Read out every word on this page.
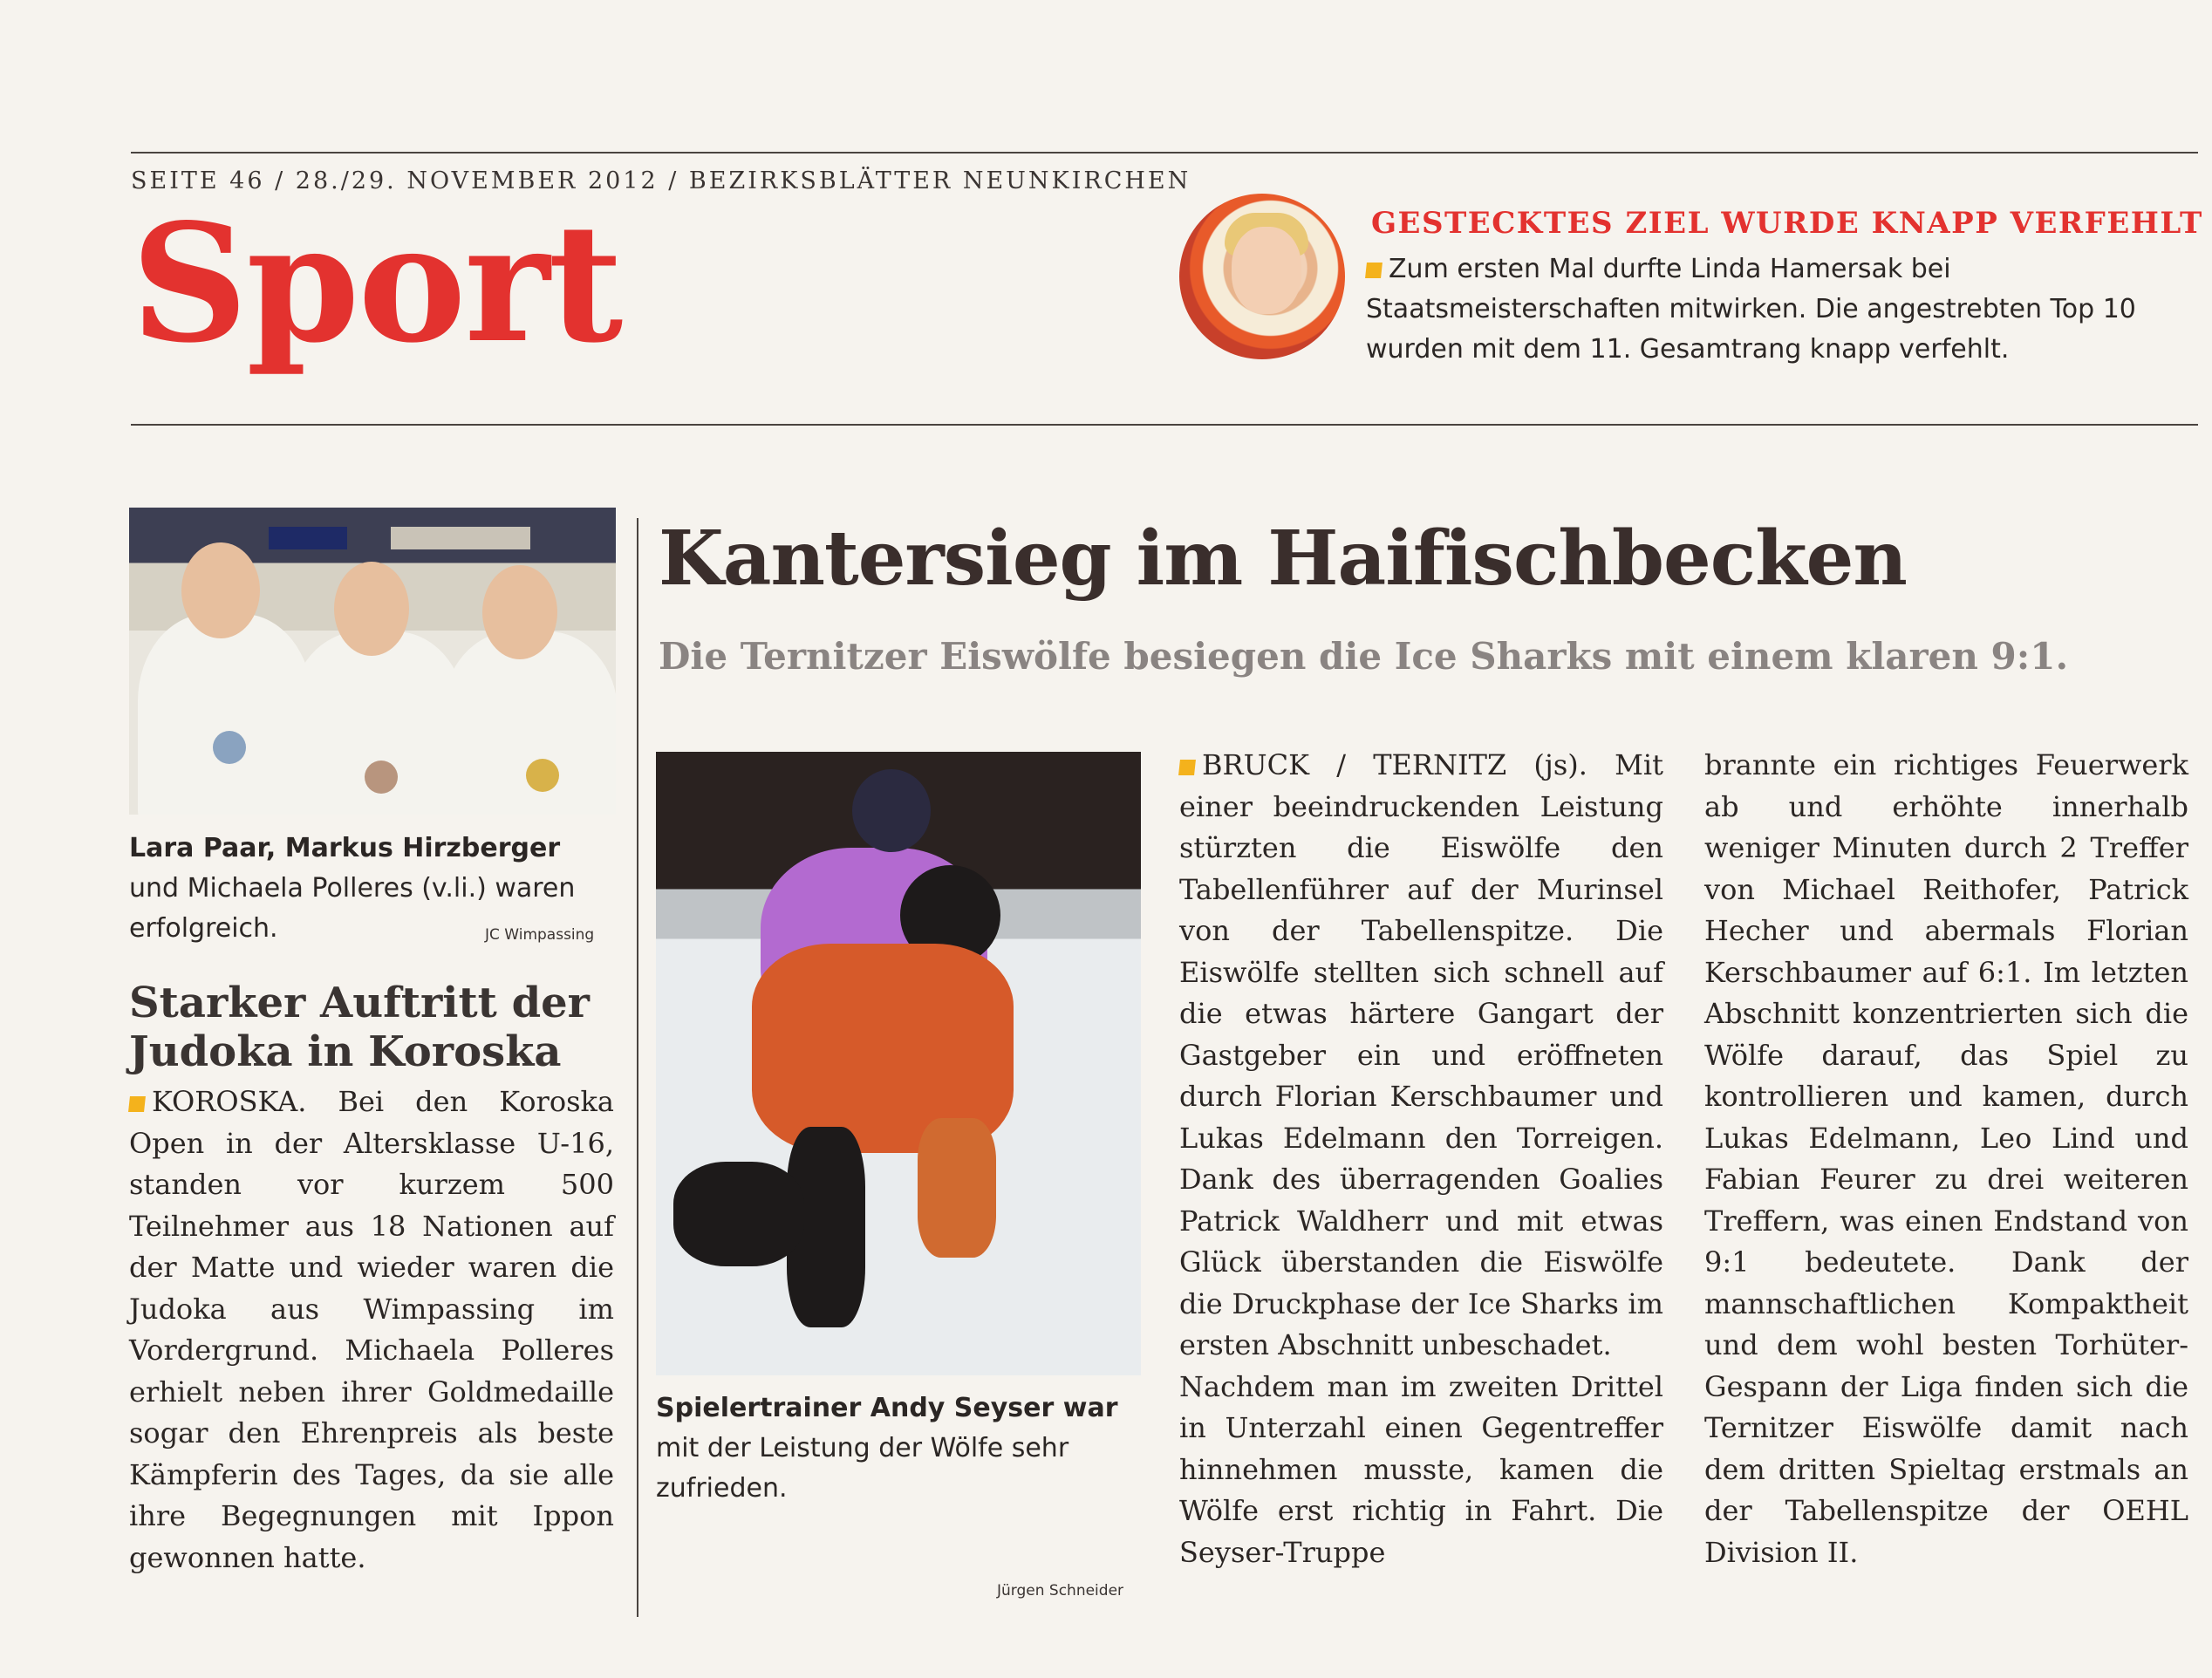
SEITE 46 / 28./29. NOVEMBER 2012 / BEZIRKSBLÄTTER NEUNKIRCHEN
Sport	GESTECKTES ZIEL WURDE KNAPP VERFEHLT
Zum ersten Mal durfte Linda Hamersak bei Staatsmeisterschaften mitwirken. Die angestrebten Top 10 wurden mit dem 11. Gesamtrang knapp verfehlt.
Lara Paar, Markus Hirzberger und Michaela Polleres (v.li.) waren erfolgreich.	JC Wimpassing
Starker Auftritt der Judoka in Koroska
KOROSKA. Bei den Koroska Open in der Altersklasse U-16, standen vor kurzem 500 Teilnehmer aus 18 Nationen auf der Matte und wieder waren die Judoka aus Wimpassing im Vordergrund. Michaela Polleres erhielt neben ihrer Goldmedaille sogar den Ehrenpreis als beste Kämpferin des Tages, da sie alle ihre Begegnungen mit Ippon gewonnen hatte.
Kantersieg im Haifischbecken
Die Ternitzer Eiswölfe besiegen die Ice Sharks mit einem klaren 9:1.
Spielertrainer Andy Seyser war mit der Leistung der Wölfe sehr zufrieden.
Jürgen Schneider
BRUCK / TERNITZ (js). Mit einer beeindruckenden Leistung stürzten die Eiswölfe den Tabellenführer auf der Murinsel von der Tabellenspitze. Die Eiswölfe stellten sich schnell auf die etwas härtere Gangart der Gastgeber ein und eröffneten durch Florian Kerschbaumer und Lukas Edelmann den Torreigen. Dank des überragenden Goalies Patrick Waldherr und mit etwas Glück überstanden die Eiswölfe die Druckphase der Ice Sharks im ersten Abschnitt unbeschadet.
Nachdem man im zweiten Drittel in Unterzahl einen Gegentreffer hinnehmen musste, kamen die Wölfe erst richtig in Fahrt. Die Seyser-Truppe
brannte ein richtiges Feuerwerk ab und erhöhte innerhalb weniger Minuten durch 2 Treffer von Michael Reithofer, Patrick Hecher und abermals Florian Kerschbaumer auf 6:1. Im letzten Abschnitt konzentrierten sich die Wölfe darauf, das Spiel zu kontrollieren und kamen, durch Lukas Edelmann, Leo Lind und Fabian Feurer zu drei weiteren Treffern, was einen Endstand von 9:1 bedeutete. Dank der mannschaftlichen Kompaktheit und dem wohl besten Torhüter-Gespann der Liga finden sich die Ternitzer Eiswölfe damit nach dem dritten Spieltag erstmals an der Tabellenspitze der OEHL Division II.
